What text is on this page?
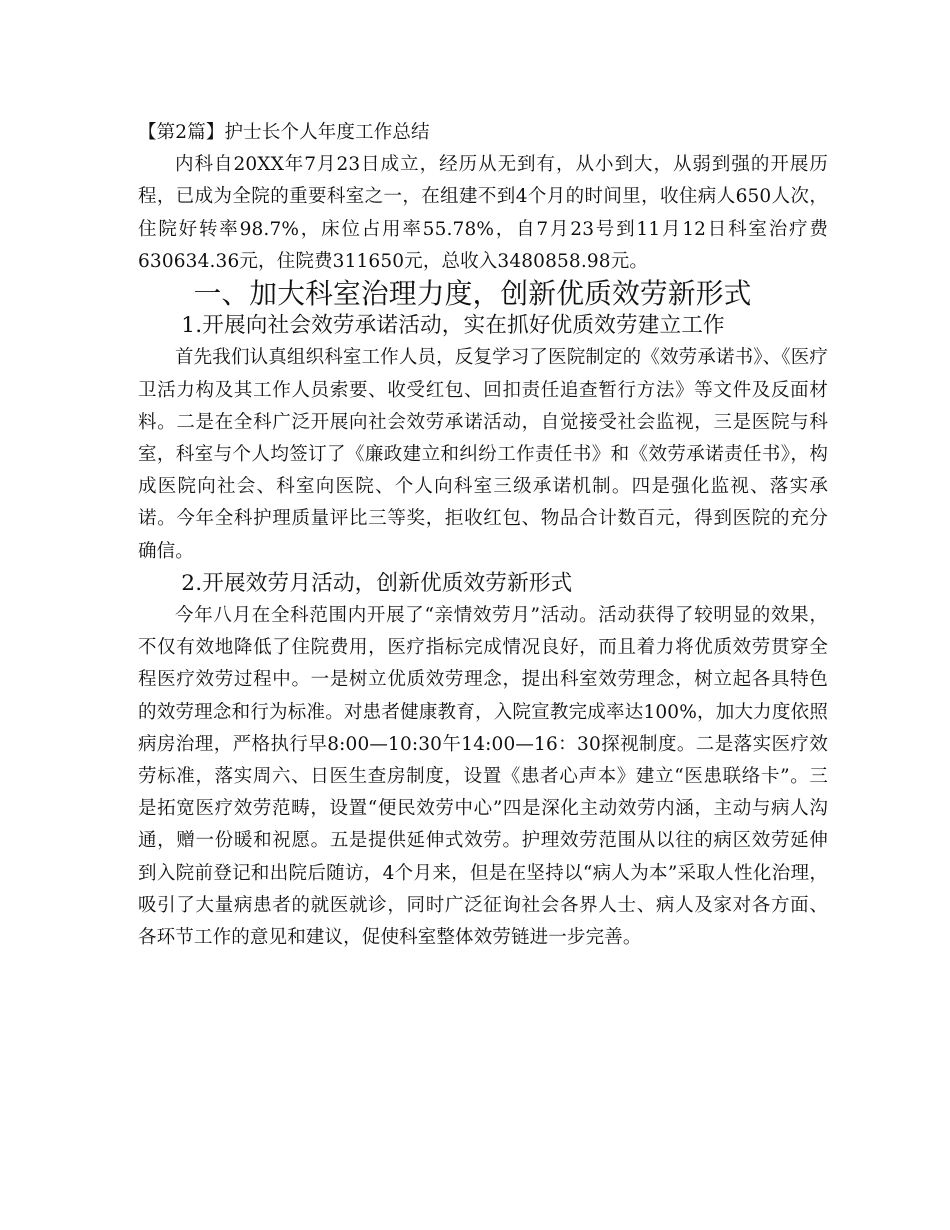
【第2篇】护士长个人年度工作总结

内科自20XX年7月23日成立，经历从无到有，从小到大，从弱到强的开展历程，已成为全院的重要科室之一，在组建不到4个月的时间里，收住病人650人次，住院好转率98.7%，床位占用率55.78%，自7月23号到11月12日科室治疗费630634.36元，住院费311650元，总收入3480858.98元。

一、加大科室治理力度，创新优质效劳新形式
1.开展向社会效劳承诺活动，实在抓好优质效劳建立工作

首先我们认真组织科室工作人员，反复学习了医院制定的《效劳承诺书》、《医疗卫活力构及其工作人员索要、收受红包、回扣责任追查暂行方法》等文件及反面材料。二是在全科广泛开展向社会效劳承诺活动，自觉接受社会监视，三是医院与科室，科室与个人均签订了《廉政建立和纠纷工作责任书》和《效劳承诺责任书》，构成医院向社会、科室向医院、个人向科室三级承诺机制。四是强化监视、落实承诺。今年全科护理质量评比三等奖，拒收红包、物品合计数百元，得到医院的充分确信。

2.开展效劳月活动，创新优质效劳新形式

今年八月在全科范围内开展了“亲情效劳月”活动。活动获得了较明显的效果，不仅有效地降低了住院费用，医疗指标完成情况良好，而且着力将优质效劳贯穿全程医疗效劳过程中。一是树立优质效劳理念，提出科室效劳理念，树立起各具特色的效劳理念和行为标准。对患者健康教育，入院宣教完成率达100%，加大力度依照病房治理，严格执行早8:00—10:30午14:00—16：30探视制度。二是落实医疗效劳标准，落实周六、日医生查房制度，设置《患者心声本》建立“医患联络卡”。三是拓宽医疗效劳范畴，设置“便民效劳中心”四是深化主动效劳内涵，主动与病人沟通，赠一份暖和祝愿。五是提供延伸式效劳。护理效劳范围从以往的病区效劳延伸到入院前登记和出院后随访，4个月来，但是在坚持以“病人为本”采取人性化治理，吸引了大量病患者的就医就诊，同时广泛征询社会各界人士、病人及家对各方面、各环节工作的意见和建议，促使科室整体效劳链进一步完善。
